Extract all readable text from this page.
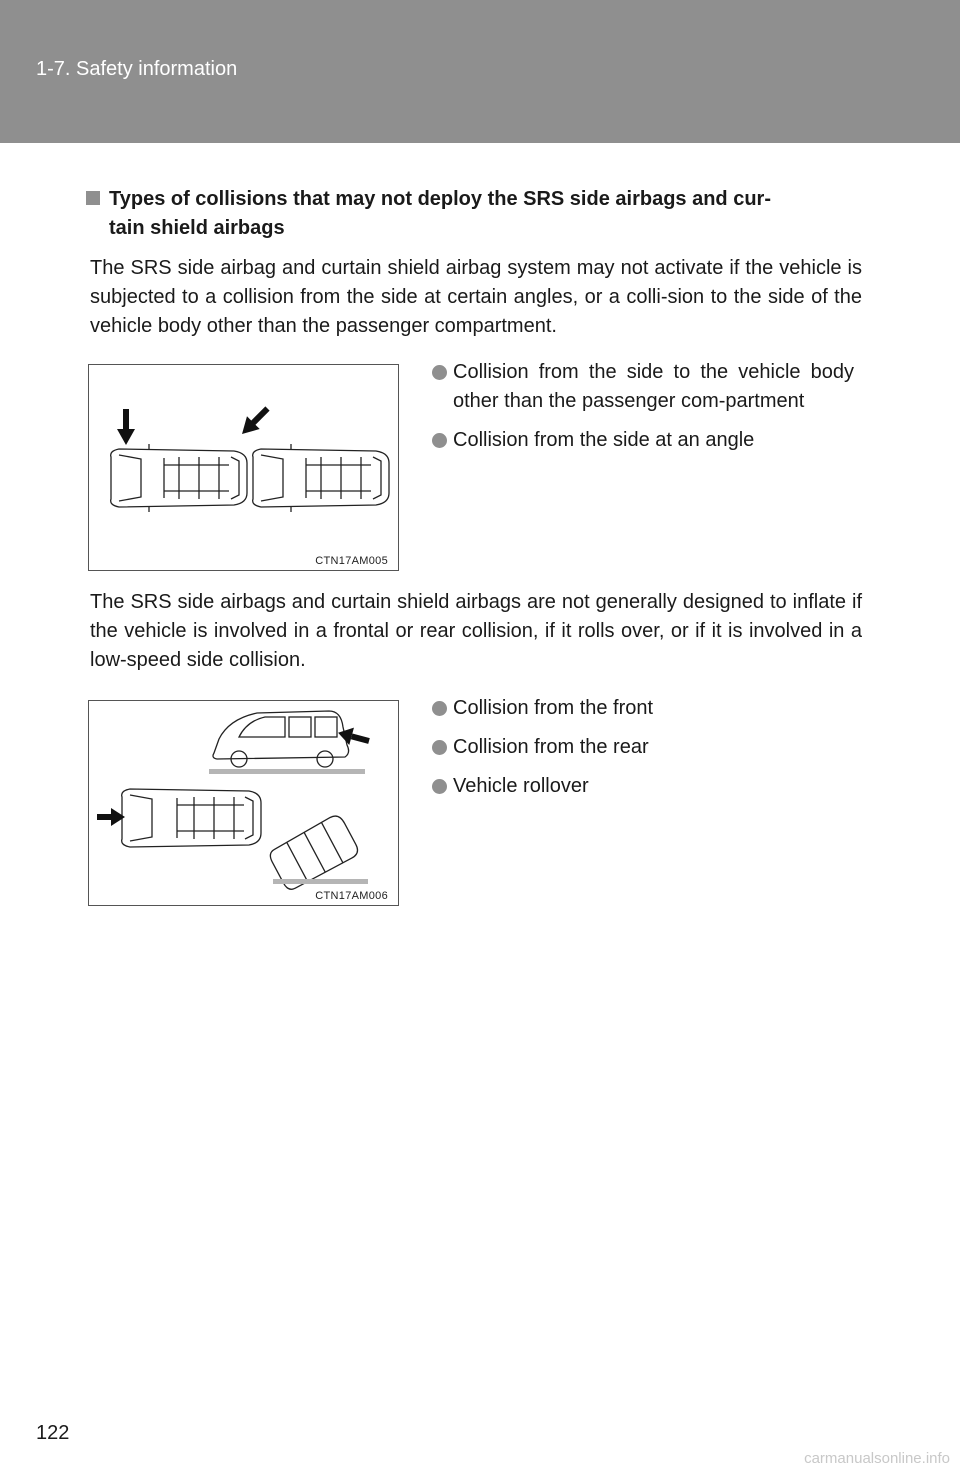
1-7. Safety information
Types of collisions that may not deploy the SRS side airbags and cur-
tain shield airbags
The SRS side airbag and curtain shield airbag system may not activate if the vehicle is subjected to a collision from the side at certain angles, or a colli-sion to the side of the vehicle body other than the passenger compartment.
CTN17AM005
Collision from the side to the vehicle body other than the passenger com-partment
Collision from the side at an angle
The SRS side airbags and curtain shield airbags are not generally designed to inflate if the vehicle is involved in a frontal or rear collision, if it rolls over, or if it is involved in a low-speed side collision.
CTN17AM006
Collision from the front
Collision from the rear
Vehicle rollover
122
carmanualsonline.info
